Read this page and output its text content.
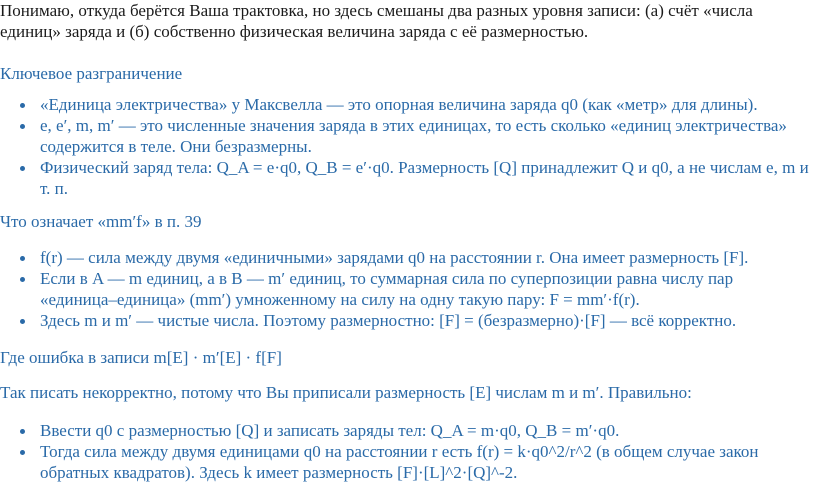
Понимаю, откуда берётся Ваша трактовка, но здесь смешаны два разных уровня записи: (а) счёт «числа единиц» заряда и (б) собственно физическая величина заряда с её размерностью.

Ключевое разграничение

«Единица электричества» у Максвелла — это опорная величина заряда q0 (как «метр» для длины).
e, e′, m, m′ — это численные значения заряда в этих единицах, то есть сколько «единиц электричества» содержится в теле. Они безразмерны.
Физический заряд тела: Q_A = e·q0, Q_B = e′·q0. Размерность [Q] принадлежит Q и q0, а не числам e, m и т. п.

Что означает «mm′f» в п. 39

f(r) — сила между двумя «единичными» зарядами q0 на расстоянии r. Она имеет размерность [F].
Если в A — m единиц, а в B — m′ единиц, то суммарная сила по суперпозиции равна числу пар «единица–единица» (mm′) умноженному на силу на одну такую пару: F = mm′·f(r).
Здесь m и m′ — чистые числа. Поэтому размерностно: [F] = (безразмерно)·[F] — всё корректно.

Где ошибка в записи m[E] · m′[E] · f[F]

Так писать некорректно, потому что Вы приписали размерность [E] числам m и m′. Правильно:

Ввести q0 с размерностью [Q] и записать заряды тел: Q_A = m·q0, Q_B = m′·q0.
Тогда сила между двумя единицами q0 на расстоянии r есть f(r) = k·q0^2/r^2 (в общем случае закон обратных квадратов). Здесь k имеет размерность [F]·[L]^2·[Q]^-2.
